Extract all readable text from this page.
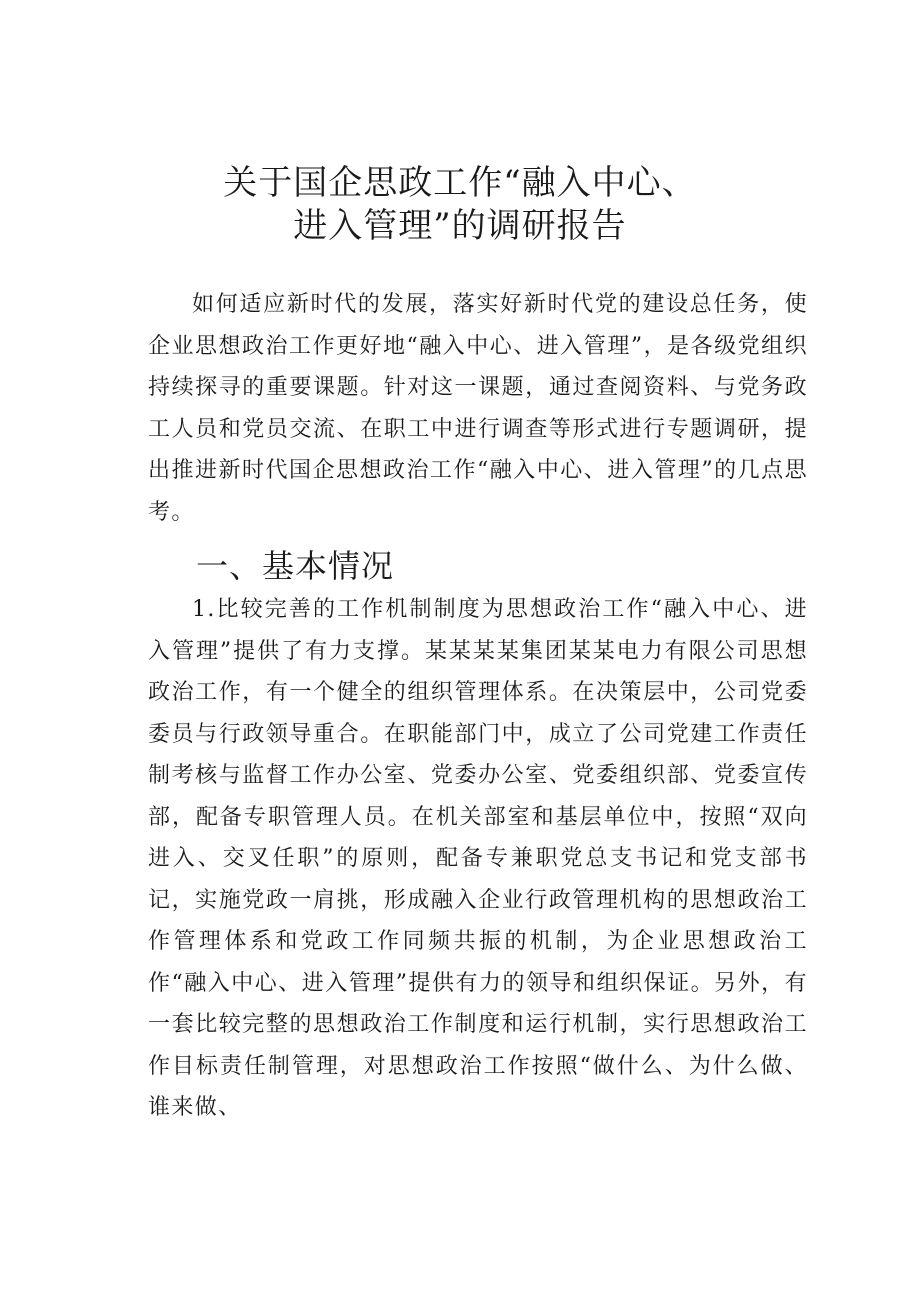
关于国企思政工作“融入中心、
进入管理”的调研报告

如何适应新时代的发展，落实好新时代党的建设总任务，使企业思想政治工作更好地“融入中心、进入管理”，是各级党组织持续探寻的重要课题。针对这一课题，通过查阅资料、与党务政工人员和党员交流、在职工中进行调查等形式进行专题调研，提出推进新时代国企思想政治工作“融入中心、进入管理”的几点思考。

一、基本情况

1.比较完善的工作机制制度为思想政治工作“融入中心、进入管理”提供了有力支撑。某某某某集团某某电力有限公司思想政治工作，有一个健全的组织管理体系。在决策层中，公司党委委员与行政领导重合。在职能部门中，成立了公司党建工作责任制考核与监督工作办公室、党委办公室、党委组织部、党委宣传部，配备专职管理人员。在机关部室和基层单位中，按照“双向进入、交叉任职”的原则，配备专兼职党总支书记和党支部书记，实施党政一肩挑，形成融入企业行政管理机构的思想政治工作管理体系和党政工作同频共振的机制，为企业思想政治工作“融入中心、进入管理”提供有力的领导和组织保证。另外，有一套比较完整的思想政治工作制度和运行机制，实行思想政治工作目标责任制管理，对思想政治工作按照“做什么、为什么做、谁来做、
